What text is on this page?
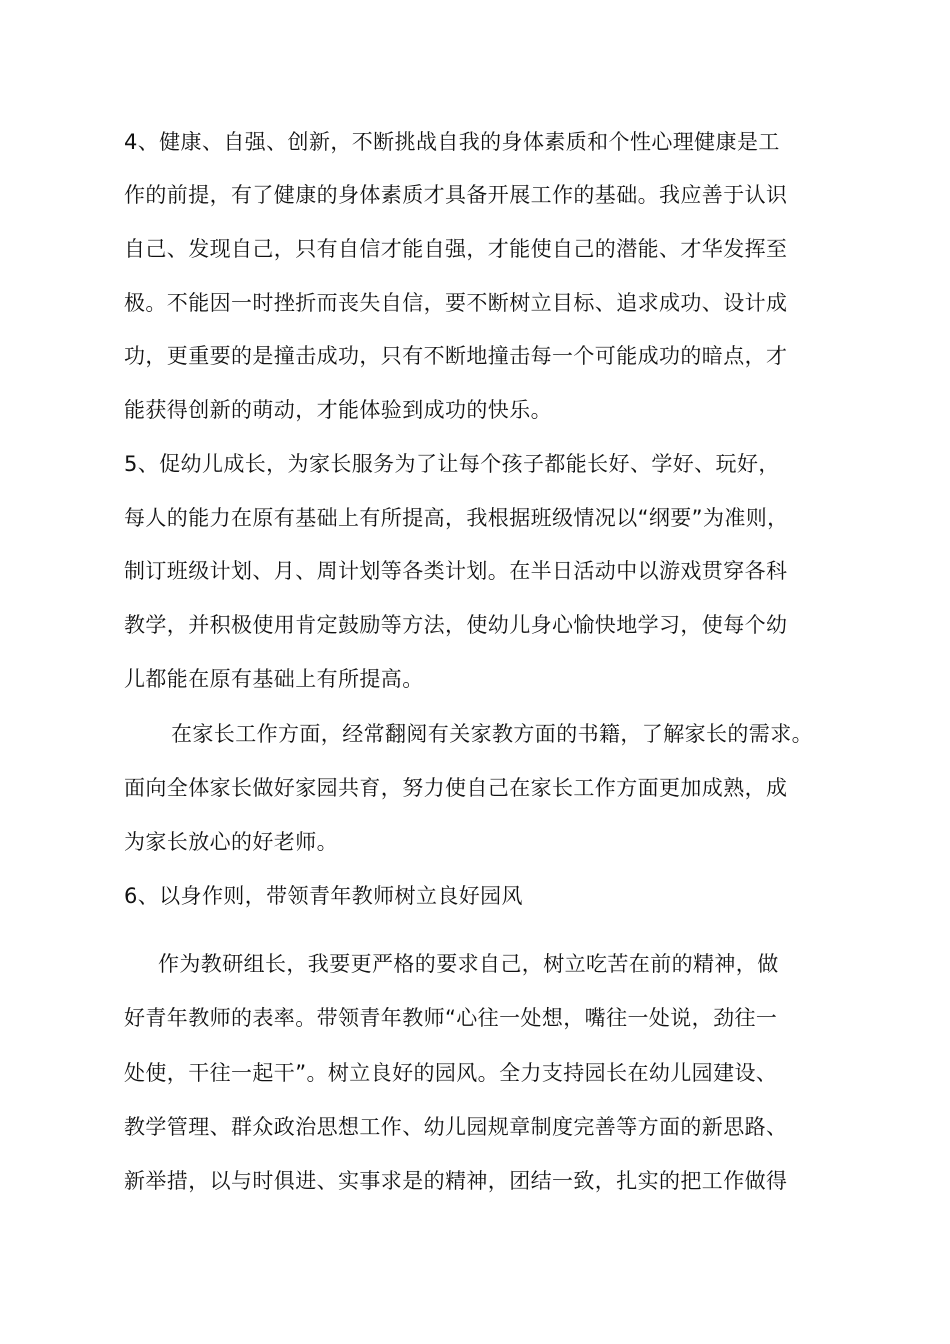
4、健康、自强、创新，不断挑战自我的身体素质和个性心理健康是工
作的前提，有了健康的身体素质才具备开展工作的基础。我应善于认识
自己、发现自己，只有自信才能自强，才能使自己的潜能、才华发挥至
极。不能因一时挫折而丧失自信，要不断树立目标、追求成功、设计成
功，更重要的是撞击成功，只有不断地撞击每一个可能成功的暗点，才
能获得创新的萌动，才能体验到成功的快乐。
5、促幼儿成长，为家长服务为了让每个孩子都能长好、学好、玩好，
每人的能力在原有基础上有所提高，我根据班级情况以“纲要”为准则，
制订班级计划、月、周计划等各类计划。在半日活动中以游戏贯穿各科
教学，并积极使用肯定鼓励等方法，使幼儿身心愉快地学习，使每个幼
儿都能在原有基础上有所提高。
在家长工作方面，经常翻阅有关家教方面的书籍，了解家长的需求。
面向全体家长做好家园共育，努力使自己在家长工作方面更加成熟，成
为家长放心的好老师。
6、以身作则，带领青年教师树立良好园风
作为教研组长，我要更严格的要求自己，树立吃苦在前的精神，做
好青年教师的表率。带领青年教师“心往一处想，嘴往一处说，劲往一
处使，干往一起干”。树立良好的园风。全力支持园长在幼儿园建设、
教学管理、群众政治思想工作、幼儿园规章制度完善等方面的新思路、
新举措，以与时俱进、实事求是的精神，团结一致，扎实的把工作做得
